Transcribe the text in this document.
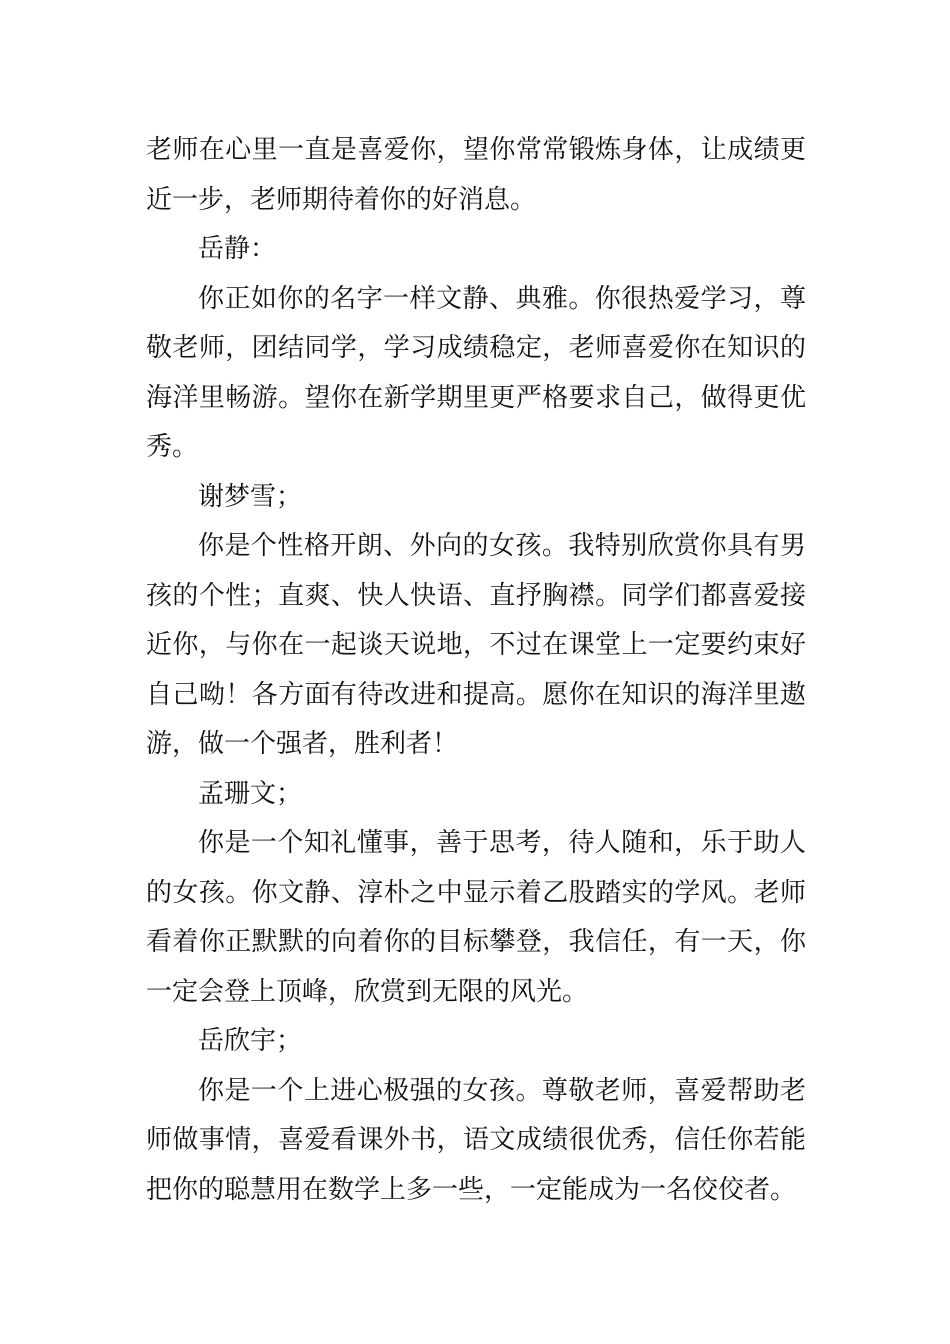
老师在心里一直是喜爱你，望你常常锻炼身体，让成绩更近一步，老师期待着你的好消息。

岳静：

你正如你的名字一样文静、典雅。你很热爱学习，尊敬老师，团结同学，学习成绩稳定，老师喜爱你在知识的海洋里畅游。望你在新学期里更严格要求自己，做得更优秀。

谢梦雪；

你是个性格开朗、外向的女孩。我特别欣赏你具有男孩的个性；直爽、快人快语、直抒胸襟。同学们都喜爱接近你，与你在一起谈天说地，不过在课堂上一定要约束好自己呦！各方面有待改进和提高。愿你在知识的海洋里遨游，做一个强者，胜利者！

孟珊文；

你是一个知礼懂事，善于思考，待人随和，乐于助人的女孩。你文静、淳朴之中显示着乙股踏实的学风。老师看着你正默默的向着你的目标攀登，我信任，有一天，你一定会登上顶峰，欣赏到无限的风光。

岳欣宇；

你是一个上进心极强的女孩。尊敬老师，喜爱帮助老师做事情，喜爱看课外书，语文成绩很优秀，信任你若能把你的聪慧用在数学上多一些，一定能成为一名佼佼者。
